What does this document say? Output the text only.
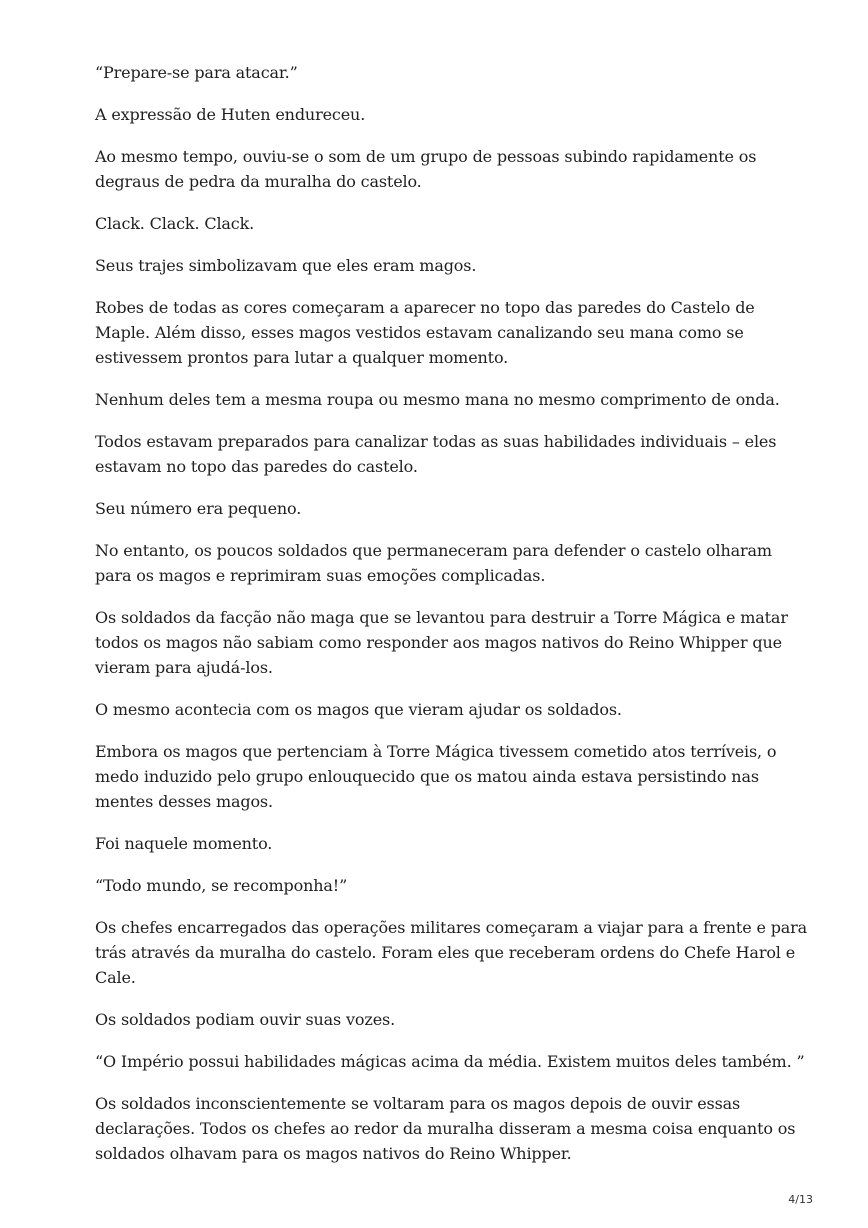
“Prepare-se para atacar.”

A expressão de Huten endureceu.

Ao mesmo tempo, ouviu-se o som de um grupo de pessoas subindo rapidamente os degraus de pedra da muralha do castelo.

Clack. Clack. Clack.

Seus trajes simbolizavam que eles eram magos.

Robes de todas as cores começaram a aparecer no topo das paredes do Castelo de Maple. Além disso, esses magos vestidos estavam canalizando seu mana como se estivessem prontos para lutar a qualquer momento.

Nenhum deles tem a mesma roupa ou mesmo mana no mesmo comprimento de onda.

Todos estavam preparados para canalizar todas as suas habilidades individuais – eles estavam no topo das paredes do castelo.

Seu número era pequeno.

No entanto, os poucos soldados que permaneceram para defender o castelo olharam para os magos e reprimiram suas emoções complicadas.

Os soldados da facção não maga que se levantou para destruir a Torre Mágica e matar todos os magos não sabiam como responder aos magos nativos do Reino Whipper que vieram para ajudá-los.

O mesmo acontecia com os magos que vieram ajudar os soldados.

Embora os magos que pertenciam à Torre Mágica tivessem cometido atos terríveis, o medo induzido pelo grupo enlouquecido que os matou ainda estava persistindo nas mentes desses magos.

Foi naquele momento.

“Todo mundo, se recomponha!”

Os chefes encarregados das operações militares começaram a viajar para a frente e para trás através da muralha do castelo. Foram eles que receberam ordens do Chefe Harol e Cale.

Os soldados podiam ouvir suas vozes.

“O Império possui habilidades mágicas acima da média. Existem muitos deles também. ”

Os soldados inconscientemente se voltaram para os magos depois de ouvir essas declarações. Todos os chefes ao redor da muralha disseram a mesma coisa enquanto os soldados olhavam para os magos nativos do Reino Whipper.

4/13
